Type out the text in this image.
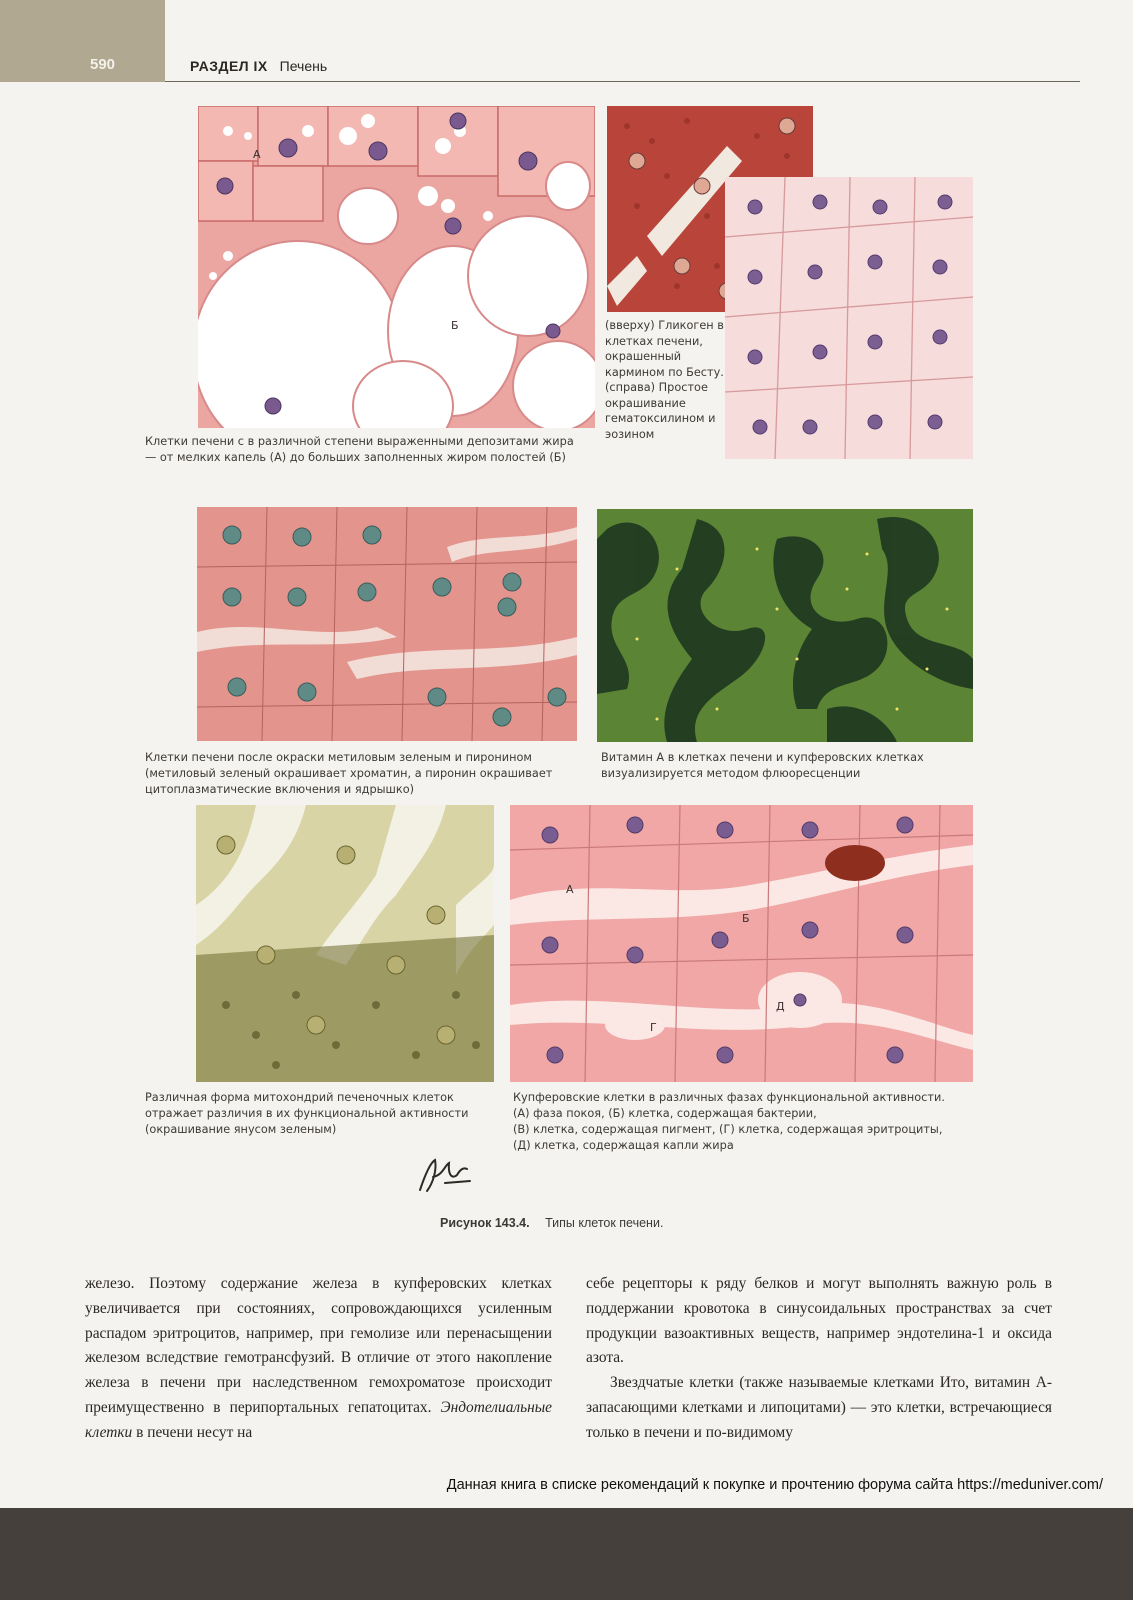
590	РАЗДЕЛ IX Печень
А
Б
Клетки печени с в различной степени выраженными депозитами жира — от мелких капель (А) до больших заполненных жиром полостей (Б)
(вверху) Гликоген в клетках печени, окрашенный кармином по Бесту.
(справа) Простое окрашивание гематоксилином и эозином
Клетки печени после окраски метиловым зеленым и пиронином (метиловый зеленый окрашивает хроматин, а пиронин окрашивает цитоплазматические включения и ядрышко)
Витамин А в клетках печени и купферовских клетках визуализируется методом флюоресценции
Различная форма митохондрий печеночных клеток отражает различия в их функциональной активности (окрашивание янусом зеленым)
А
Б
Г
Д
Купферовские клетки в различных фазах функциональной активности.
(А) фаза покоя, (Б) клетка, содержащая бактерии,
(В) клетка, содержащая пигмент, (Г) клетка, содержащая эритроциты,
(Д) клетка, содержащая капли жира
Рисунок 143.4. Типы клеток печени.

железо. Поэтому содержание железа в купферовских клетках увеличивается при состояниях, сопровождающихся усиленным распадом эритроцитов, например, при гемолизе или перенасыщении железом вследствие гемотрансфузий. В отличие от этого накопление железа в печени при наследственном гемохроматозе происходит преимущественно в перипортальных гепатоцитах. Эндотелиальные клетки в печени несут на

себе рецепторы к ряду белков и могут выполнять важную роль в поддержании кровотока в синусоидальных пространствах за счет продукции вазоактивных веществ, например эндотелина-1 и оксида азота.

Звездчатые клетки (также называемые клетками Ито, витамин А-запасающими клетками и липоцитами) — это клетки, встречающиеся только в печени и по-видимому

Данная книга в списке рекомендаций к покупке и прочтению форума сайта https://meduniver.com/
